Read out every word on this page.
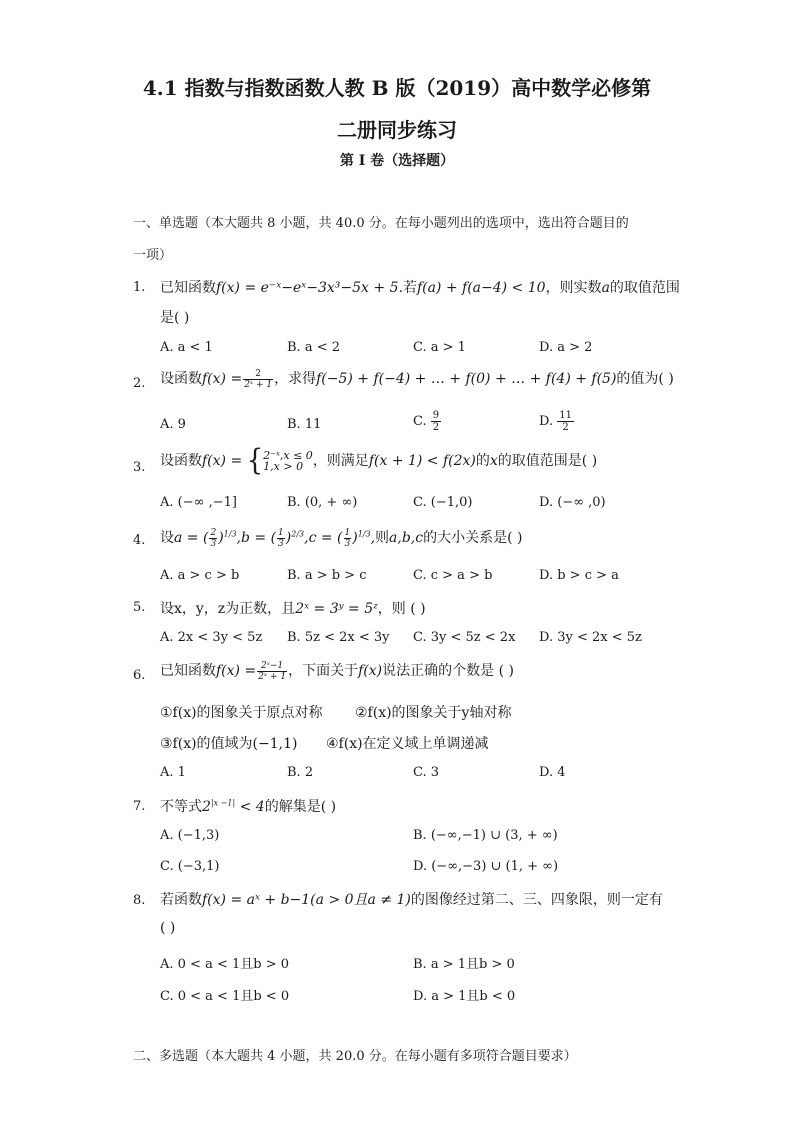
4.1 指数与指数函数人教 B 版（2019）高中数学必修第
二册同步练习
第 I 卷（选择题）
一、单选题（本大题共 8 小题，共 40.0 分。在每小题列出的选项中，选出符合题目的
一项）
1. 已知函数f(x) = e⁻ˣ−eˣ−3x³−5x + 5.若f(a) + f(a−4) < 10，则实数a的取值范围
是( )
A. a < 1	B. a < 2	C. a > 1	D. a > 2
2. 设函数$f(x) = \frac{2}{\text{2ˣ + 1}}$ ，求得f(−5) + f(−4) + … + f(0) + … + f(4) + f(5)的值为( )
A. 9	B. 11	C. $\frac{9}{2}$	D. $\frac{11}{2}$
3. 设函数f(x) = { 2⁻ˣ,x ≤ 0
1,x > 0 ，则满足f(x + 1) < f(2x)的x的取值范围是( )
A. (−∞ ,−1]	B. (0, + ∞)	C. (−1,0)	D. (−∞ ,0)
4. 设a = ( $\frac{2}{3} )^{1/3},b$ = ( $\frac{1}{3} )^{2/3},c$ = ( $\frac{1}{3} )^{1/3}$,则a,b,c的大小关系是( )
A. a > c > b	B. a > b > c	C. c > a > b	D. b > c > a
5. 设x，y，z为正数，且2ˣ = 3ʸ = 5ᶻ，则 ( )
A. 2x < 3y < 5z B. 5z < 2x < 3y C. 3y < 5z < 2x D. 3y < 2x < 5z
6. 已知函数$f(x) = \frac{\text{2ˣ−1}}{\text{2ˣ + 1}}$ ，下面关于f(x)说法正确的个数是 ( )
①f(x)的图象关于原点对称 ②f(x)的图象关于y轴对称
③f(x)的值域为(−1,1) ④f(x)在定义域上单调递减
A. 1	B. 2	C. 3	D. 4
7. 不等式$2^{|x -1|} < 4$的解集是( )
A. (−1,3)	B. (−∞,−1) ∪ (3, + ∞)
C. (−3,1)	D. (−∞,−3) ∪ (1, + ∞)
8. 若函数f(x) = aˣ + b−1(a > 0且a ≠ 1)的图像经过第二、三、四象限，则一定有
( )
A. 0 < a < 1且b > 0	B. a > 1且b > 0
C. 0 < a < 1且b < 0	D. a > 1且b < 0
二、多选题（本大题共 4 小题，共 20.0 分。在每小题有多项符合题目要求）
